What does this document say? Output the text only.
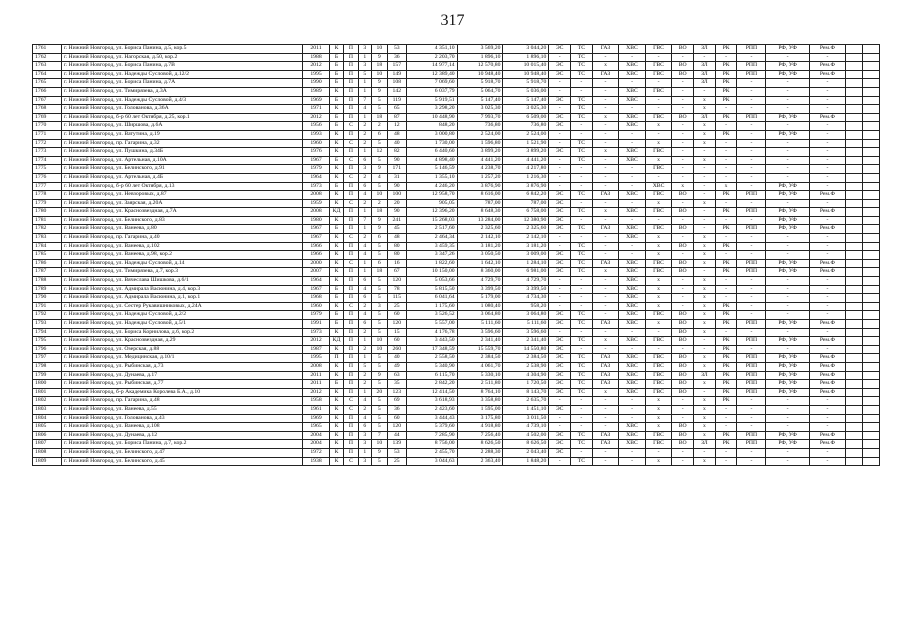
317
1761	г. Нижний Новгород, ул. Бориса Панина, д.5, кор.5	2011	К	П	3	10	53	4 351,10	3 569,20	3 044,20	ЭС	ТС	ГАЗ	ХВС	ГВС	ВО	ЗЛ	РК	РПП	РФ, УФ	Рем.Ф		
1762	г. Нижний Новгород, ул. Нагорская, д.50, кор.2	1988	Б	П	1	9	36	2 203,70	1 896,10	1 896,10	-	ТС	-	-	-	-	-	-	-	-	-		
1763	г. Нижний Новгород, ул. Бориса Панина, д.7В	2012	Б	П	3	18	157	14 977,14	12 570,80	10 015,40	ЭС	ТС	х	ХВС	ГВС	ВО	ЗЛ	РК	РПП	РФ, УФ	Рем.Ф		
1764	г. Нижний Новгород, ул. Надежды Сусловой, д.12/2	1995	Б	П	5	10	149	12 389,40	10 948,40	10 948,40	ЭС	ТС	ГАЗ	ХВС	ГВС	ВО	ЗЛ	РК	РПП	РФ, УФ	Рем.Ф		
1765	г. Нижний Новгород, ул. Бориса Панина, д.7А	1990	Б	П	1	9	108	7 069,60	5 918,70	5 918,70	-	-	-	-	-	-	ЗЛ	РК	-	-	-		
1766	г. Нижний Новгород, ул. Тимирязева, д.3А	1989	К	П	1	9	142	6 037,79	5 064,70	5 036,00	-	-	-	ХВС	ГВС	-	-	РК	-	-	-		
1767	г. Нижний Новгород, ул. Надежды Сусловой, д.4/3	1969	Б	П	7	5	119	5 919,51	5 147,40	5 147,40	ЭС	ТС	-	ХВС	-	-	х	РК	-	-	-		
1768	г. Нижний Новгород, ул. Голованова, д.36А	1971	К	П	4	5	65	3 298,20	3 025,30	3 025,30	-	ТС	-	-	-	-	х	-	-	-	-		
1769	г. Нижний Новгород, б-р 60 лет Октября, д.25, кор.1	2012	Б	П	1	18	87	10 448,90	7 993,70	6 509,00	ЭС	ТС	х	ХВС	ГВС	ВО	ЗЛ	РК	РПП	РФ, УФ	Рем.Ф		
1770	г. Нижний Новгород, ул. Ширшова, д.6А	1956	Б	С	2	2	12	848,20	736,80	736,80	ЭС	-	-	ХВС	х	-	х	-	-	-	-		
1771	г. Нижний Новгород, ул. Ватутина, д.19	1993	К	П	2	6	48	3 000,80	2 524,00	2 524,00	-	-	-	-	-	-	х	РК	-	РФ, УФ	-		
1772	г. Нижний Новгород, пр. Гагарина, д.32	1960	К	С	2	5	40	1 730,00	1 596,80	1 521,90	-	ТС	-	-	х	-	х	-	-	-	-		
1773	г. Нижний Новгород, ул. Пушкина, д.34Б	1976	К	П	1	12	82	6 440,60	3 899,20	3 899,20	ЭС	ТС	х	ХВС	ГВС	-	-	-	-	-	-		
1774	г. Нижний Новгород, ул. Артельная, д.10А	1967	Б	С	6	5	90	4 898,40	4 441,20	4 441,20	-	ТС	-	ХВС	х	-	х	-	-	-	-		
1775	г. Нижний Новгород, ул. Белинского, д.91	1979	К	П	3	9	171	5 146,59	4 238,70	4 217,80	-	-	-	-	ГВС	-	-	-	-	-	-		
1776	г. Нижний Новгород, ул. Артельная, д.4Б	1964	К	С	2	4	31	1 355,10	1 257,20	1 216,30	-	-	-	-	-	-	-	-	-	-	-		
1777	г. Нижний Новгород, б-р 60 лет Октября, д.13	1973	Б	П	6	5	90	4 246,20	3 876,90	3 876,90	-	-	-	-	ХВС	х	-	х	-	РФ, УФ	-		
1778	г. Нижний Новгород, ул. Невзоровых, д.87	2008	К	П	4	10	100	12 958,70	8 616,00	6 842,20	ЭС	ТС	ГАЗ	ХВС	ГВС	ВО	-	РК	РПП	РФ, УФ	Рем.Ф		
1779	г. Нижний Новгород, ул. Заярская, д.20А	1959	К	С	2	2	20	905,05	787,00	787,00	ЭС	-	-	-	х	-	х	-	-	-	-		
1780	г. Нижний Новгород, ул. Краснозвездная, д.7А	2008	КД	П	1	18	90	12 396,20	8 648,30	6 758,00	ЭС	ТС	х	ХВС	ГВС	ВО	-	РК	РПП	РФ, УФ	Рем.Ф		
1781	г. Нижний Новгород, ул. Белинского, д.83	1980	К	П	7	9	241	15 268,03	13 284,00	12 380,90	ЭС	-	-	-	-	-	-	-	-	РФ, УФ	-		
1782	г. Нижний Новгород, ул. Ванеева, д.80	1967	Б	П	1	9	45	2 517,60	2 325,60	2 325,60	ЭС	ТС	ГАЗ	ХВС	ГВС	ВО	-	РК	РПП	РФ, УФ	Рем.Ф		
1783	г. Нижний Новгород, пр. Гагарина, д.40	1967	К	С	2	6	48	2 464,34	2 142,10	2 142,10	-	-	-	ХВС	х	-	х	-	-	-	-		
1784	г. Нижний Новгород, ул. Ванеева, д.102	1966	К	П	4	5	80	3 459,35	3 181,20	3 181,20	-	ТС	-	-	х	ВО	х	РК	-	-	-		
1785	г. Нижний Новгород, ул. Ванеева, д.98, кор.2	1966	К	П	4	5	80	3 347,26	3 050,50	3 009,00	ЭС	ТС	-	-	х	-	х	-	-	-	-		
1786	г. Нижний Новгород, ул. Надежды Сусловой, д.14	2000	К	С	1	6	16	1 822,60	1 642,10	1 284,10	ЭС	ТС	ГАЗ	ХВС	ГВС	ВО	х	РК	РПП	РФ, УФ	Рем.Ф		
1787	г. Нижний Новгород, ул. Тимирязева, д.7, кор.3	2007	К	П	1	18	67	10 150,00	8 360,00	6 981,00	ЭС	ТС	х	ХВС	ГВС	ВО	-	РК	РПП	РФ, УФ	Рем.Ф		
1788	г. Нижний Новгород, ул. Вячеслава Шишкова, д.6/1	1964	К	П	6	5	120	5 053,66	4 729,70	4 729,70	-	-	-	ХВС	х	-	х	-	-	-	-		
1789	г. Нижний Новгород, ул. Адмирала Васюнина, д.4, кор.3	1967	Б	П	4	5	78	5 815,50	3 399,50	3 399,50	-	-	-	ХВС	х	-	х	-	-	-	-		
1790	г. Нижний Новгород, ул. Адмирала Васюнина, д.1, кор.1	1968	Б	П	6	5	115	6 041,64	5 179,00	4 734,30	-	-	-	ХВС	х	-	х	-	-	-	-		
1791	г. Нижний Новгород, ул. Сестер Рукавишниковых, д.24А	1960	К	С	2	3	25	1 175,60	1 080,40	958,20	-	-	-	ХВС	х	-	х	РК	-	-	-		
1792	г. Нижний Новгород, ул. Надежды Сусловой, д.2/2	1979	Б	П	4	5	60	3 526,52	3 064,80	3 064,80	ЭС	ТС	-	ХВС	ГВС	ВО	х	РК	-	-	-		
1793	г. Нижний Новгород, ул. Надежды Сусловой, д.5/1	1991	Б	П	6	5	120	5 557,00	5 111,60	5 111,60	ЭС	ТС	ГАЗ	ХВС	х	ВО	х	РК	РПП	РФ, УФ	Рем.Ф		
1794	г. Нижний Новгород, ул. Бориса Корнилова, д.6, кор.2	1973	К	П	2	5	15	4 176,78	3 596,60	3 596,60	-	-	-	-	-	ВО	х	-	-	-	-		
1795	г. Нижний Новгород, ул. Краснозвездная, д.29	2012	КД	П	1	10	60	3 443,50	2 341,40	2 341,40	ЭС	ТС	х	ХВС	ГВС	ВО	-	РК	РПП	РФ, УФ	Рем.Ф		
1796	г. Нижний Новгород, ул. Озерская, д.88	1987	К	П	2	10	260	17 348,59	15 559,70	14 550,80	ЭС	-	-	-	-	-	-	РК	-	-	-		
1797	г. Нижний Новгород, ул. Медицинская, д.10/1	1995	П	П	1	5	40	2 558,50	2 384,50	2 384,50	ЭС	ТС	ГАЗ	ХВС	ГВС	ВО	х	РК	РПП	РФ, УФ	Рем.Ф		
1798	г. Нижний Новгород, ул. Рыбинская, д.73	2008	К	П	5	5	49	5 340,90	4 061,70	2 538,90	ЭС	ТС	ГАЗ	ХВС	ГВС	ВО	х	РК	РПП	РФ, УФ	Рем.Ф		
1799	г. Нижний Новгород, ул. Дунаева, д.17	2011	К	П	2	9	63	6 115,70	5 330,10	4 304,90	ЭС	ТС	ГАЗ	ХВС	ГВС	ВО	ЗЛ	РК	РПП	РФ, УФ	Рем.Ф		
1800	г. Нижний Новгород, ул. Рыбинская, д.77	2011	Б	П	2	5	35	2 842,20	2 511,80	1 720,50	ЭС	ТС	ГАЗ	ХВС	ГВС	ВО	х	РК	РПП	РФ, УФ	Рем.Ф		
1801	г. Нижний Новгород, б-р Академика Королева Б.А., д.10	2012	К	П	1	20	123	12 414,50	8 764,10	8 143,70	ЭС	ТС	х	ХВС	ГВС	ВО	-	РК	РПП	РФ, УФ	Рем.Ф		
1802	г. Нижний Новгород, пр. Гагарина, д.48	1958	К	С	4	5	69	3 618,93	3 358,80	2 635,70	-	-	-	-	х	-	х	РК	-	-	-		
1803	г. Нижний Новгород, ул. Ванеева, д.55	1961	К	С	2	5	36	2 423,60	1 595,00	1 451,10	ЭС	-	-	-	х	-	х	-	-	-	-		
1804	г. Нижний Новгород, ул. Голованова, д.43	1969	К	П	4	5	60	3 444,43	3 175,80	3 011,50	-	-	-	-	х	-	х	-	-	-	-		
1805	г. Нижний Новгород, ул. Ванеева, д.108	1965	К	П	6	5	120	5 379,60	4 918,80	4 739,10	-	-	-	ХВС	х	ВО	х	-	-	-	-		
1806	г. Нижний Новгород, ул. Дунаева, д.12	2004	К	П	3	7	44	7 285,90	7 256,40	4 502,00	ЭС	ТС	ГАЗ	ХВС	ГВС	ВО	х	РК	РПП	РФ, УФ	Рем.Ф		
1807	г. Нижний Новгород, ул. Бориса Панина, д.7, кор.2	2004	К	П	3	10	139	8 756,00	8 626,50	8 626,50	ЭС	ТС	ГАЗ	ХВС	ГВС	ВО	ЗЛ	РК	РПП	РФ, УФ	Рем.Ф		
1808	г. Нижний Новгород, ул. Белинского, д.47	1972	К	П	1	9	53	2 455,70	2 288,30	2 043,40	ЭС	-	-	-	-	-	-	-	-	-	-		
1809	г. Нижний Новгород, ул. Белинского, д.45	1938	К	С	3	5	25	3 044,63	2 363,40	1 848,20	-	ТС	-	-	х	-	х	-	-	-	-		
